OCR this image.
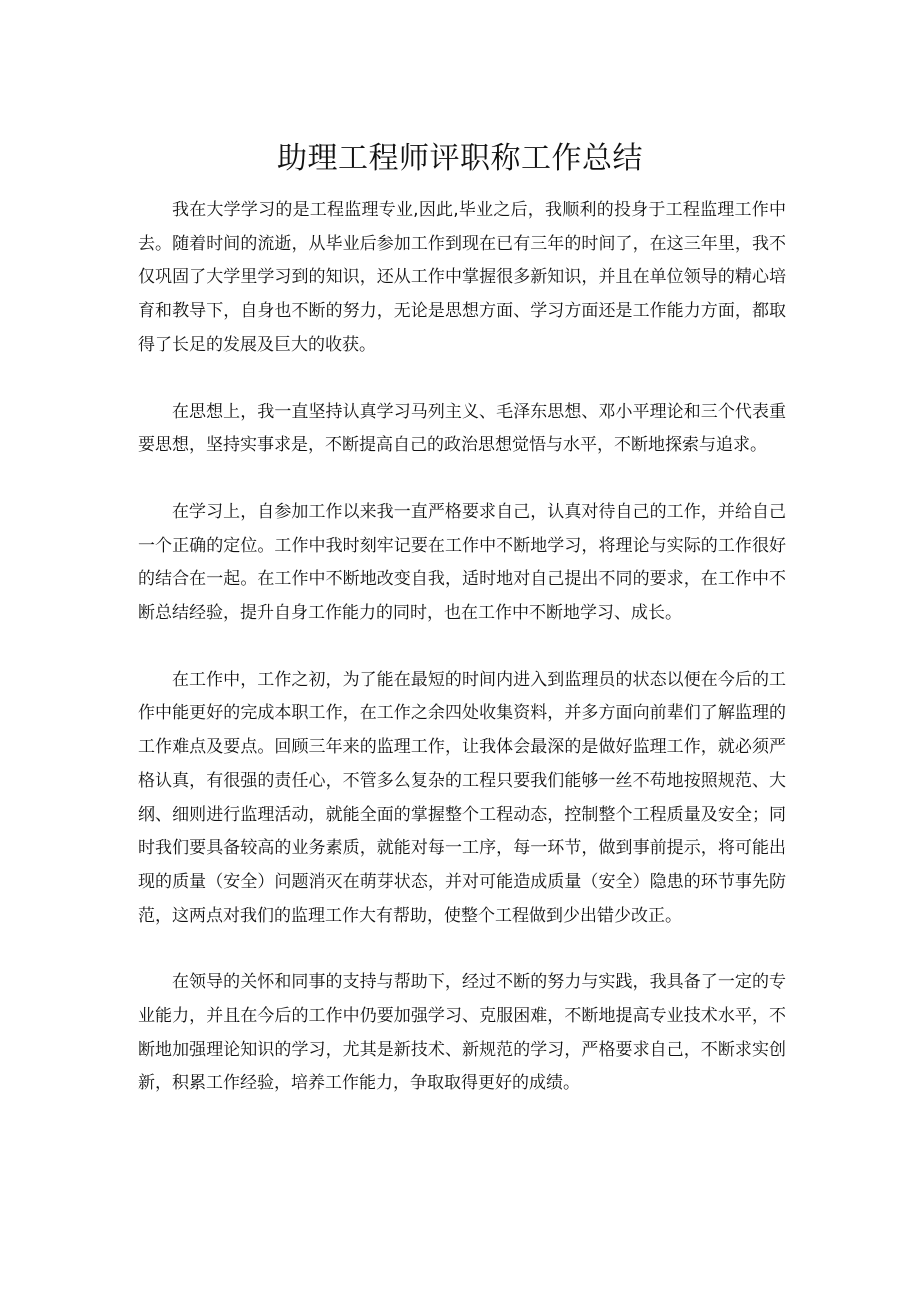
助理工程师评职称工作总结

我在大学学习的是工程监理专业,因此,毕业之后，我顺利的投身于工程监理工作中去。随着时间的流逝，从毕业后参加工作到现在已有三年的时间了，在这三年里，我不仅巩固了大学里学习到的知识，还从工作中掌握很多新知识，并且在单位领导的精心培育和教导下，自身也不断的努力，无论是思想方面、学习方面还是工作能力方面，都取得了长足的发展及巨大的收获。

在思想上，我一直坚持认真学习马列主义、毛泽东思想、邓小平理论和三个代表重要思想，坚持实事求是，不断提高自己的政治思想觉悟与水平，不断地探索与追求。

在学习上，自参加工作以来我一直严格要求自己，认真对待自己的工作，并给自己一个正确的定位。工作中我时刻牢记要在工作中不断地学习，将理论与实际的工作很好的结合在一起。在工作中不断地改变自我，适时地对自己提出不同的要求，在工作中不断总结经验，提升自身工作能力的同时，也在工作中不断地学习、成长。

在工作中，工作之初，为了能在最短的时间内进入到监理员的状态以便在今后的工作中能更好的完成本职工作，在工作之余四处收集资料，并多方面向前辈们了解监理的工作难点及要点。回顾三年来的监理工作，让我体会最深的是做好监理工作，就必须严格认真，有很强的责任心，不管多么复杂的工程只要我们能够一丝不苟地按照规范、大纲、细则进行监理活动，就能全面的掌握整个工程动态，控制整个工程质量及安全；同时我们要具备较高的业务素质，就能对每一工序，每一环节，做到事前提示，将可能出现的质量（安全）问题消灭在萌芽状态，并对可能造成质量（安全）隐患的环节事先防范，这两点对我们的监理工作大有帮助，使整个工程做到少出错少改正。

在领导的关怀和同事的支持与帮助下，经过不断的努力与实践，我具备了一定的专业能力，并且在今后的工作中仍要加强学习、克服困难，不断地提高专业技术水平，不断地加强理论知识的学习，尤其是新技术、新规范的学习，严格要求自己，不断求实创新，积累工作经验，培养工作能力，争取取得更好的成绩。
